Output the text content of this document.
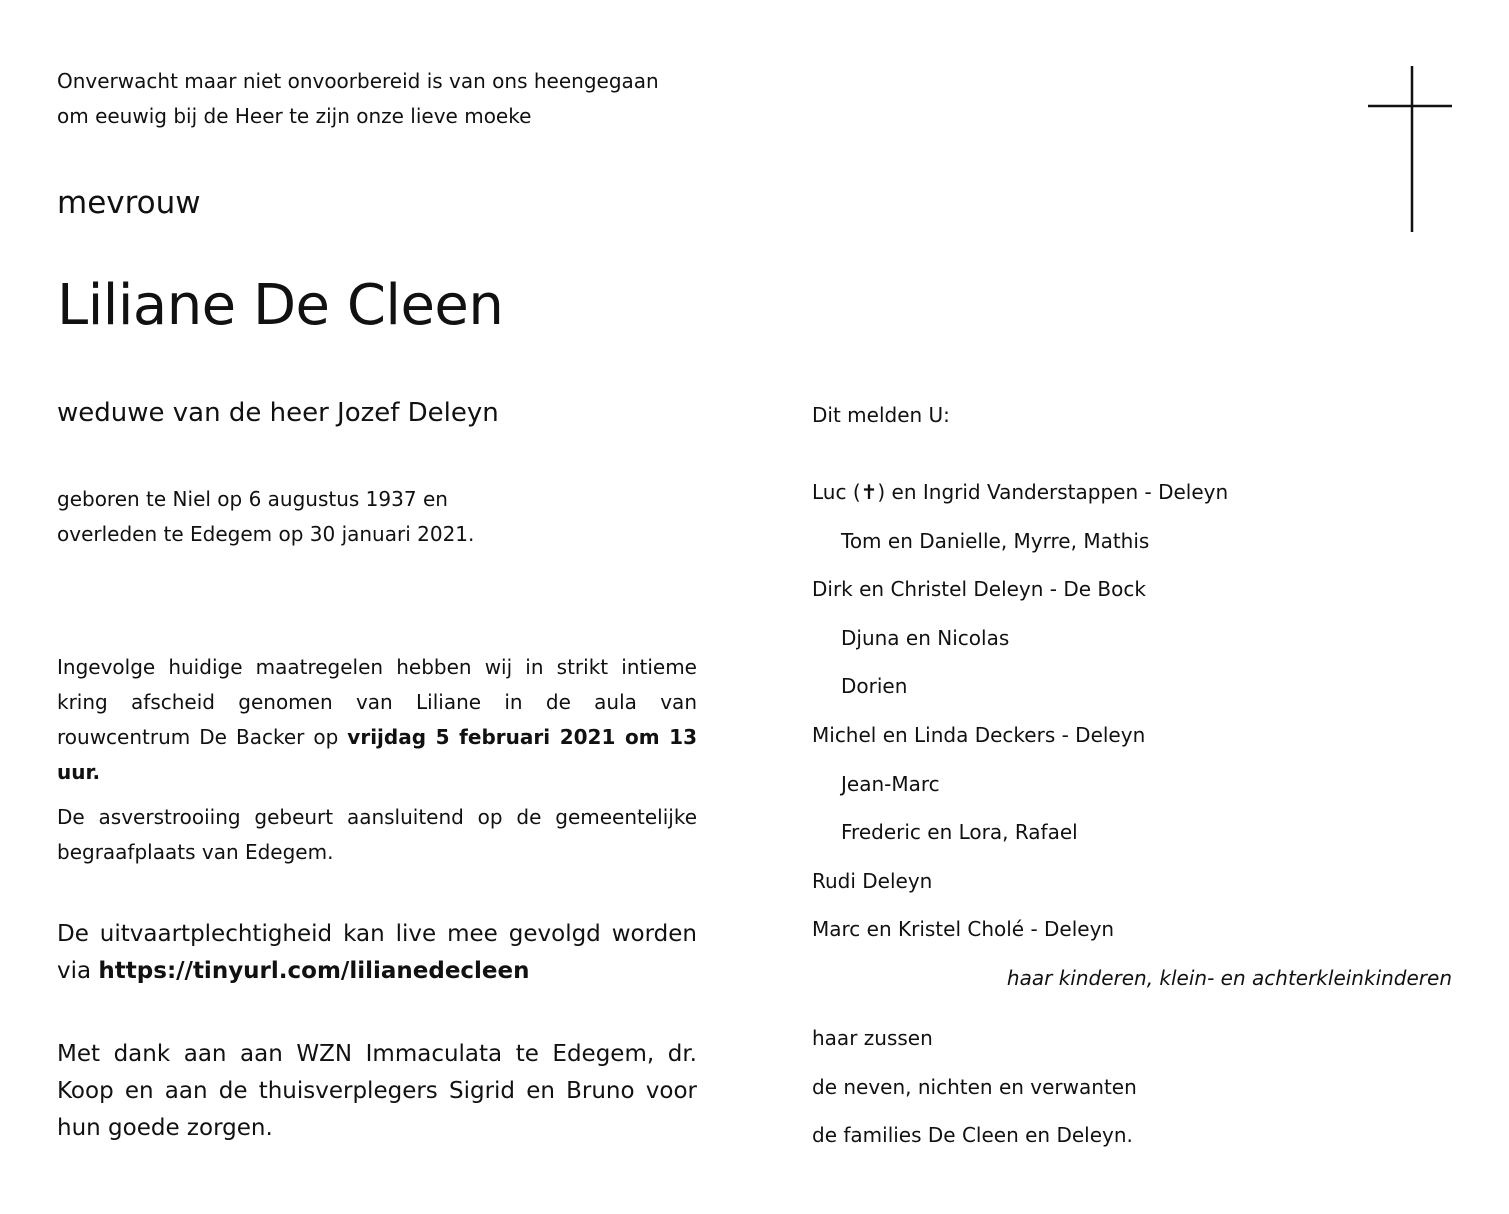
Onverwacht maar niet onvoorbereid is van ons heengegaan
om eeuwig bij de Heer te zijn onze lieve moeke
mevrouw
Liliane De Cleen
weduwe van de heer Jozef Deleyn
geboren te Niel op 6 augustus 1937 en
overleden te Edegem op 30 januari 2021.
Ingevolge huidige maatregelen hebben wij in strikt intieme kring afscheid genomen van Liliane in de aula van rouwcentrum De Backer op vrijdag 5 februari 2021 om 13 uur.
De asverstrooiing gebeurt aansluitend op de gemeentelijke begraafplaats van Edegem.
De uitvaartplechtigheid kan live mee gevolgd worden via https://tinyurl.com/lilianedecleen
Met dank aan aan WZN Immaculata te Edegem, dr. Koop en aan de thuisverplegers Sigrid en Bruno voor hun goede zorgen.
Dit melden U:
Luc (✝) en Ingrid Vanderstappen - Deleyn
Tom en Danielle, Myrre, Mathis
Dirk en Christel Deleyn - De Bock
Djuna en Nicolas
Dorien
Michel en Linda Deckers - Deleyn
Jean-Marc
Frederic en Lora, Rafael
Rudi Deleyn
Marc en Kristel Cholé - Deleyn
haar kinderen, klein- en achterkleinkinderen
haar zussen
de neven, nichten en verwanten
de families De Cleen en Deleyn.
